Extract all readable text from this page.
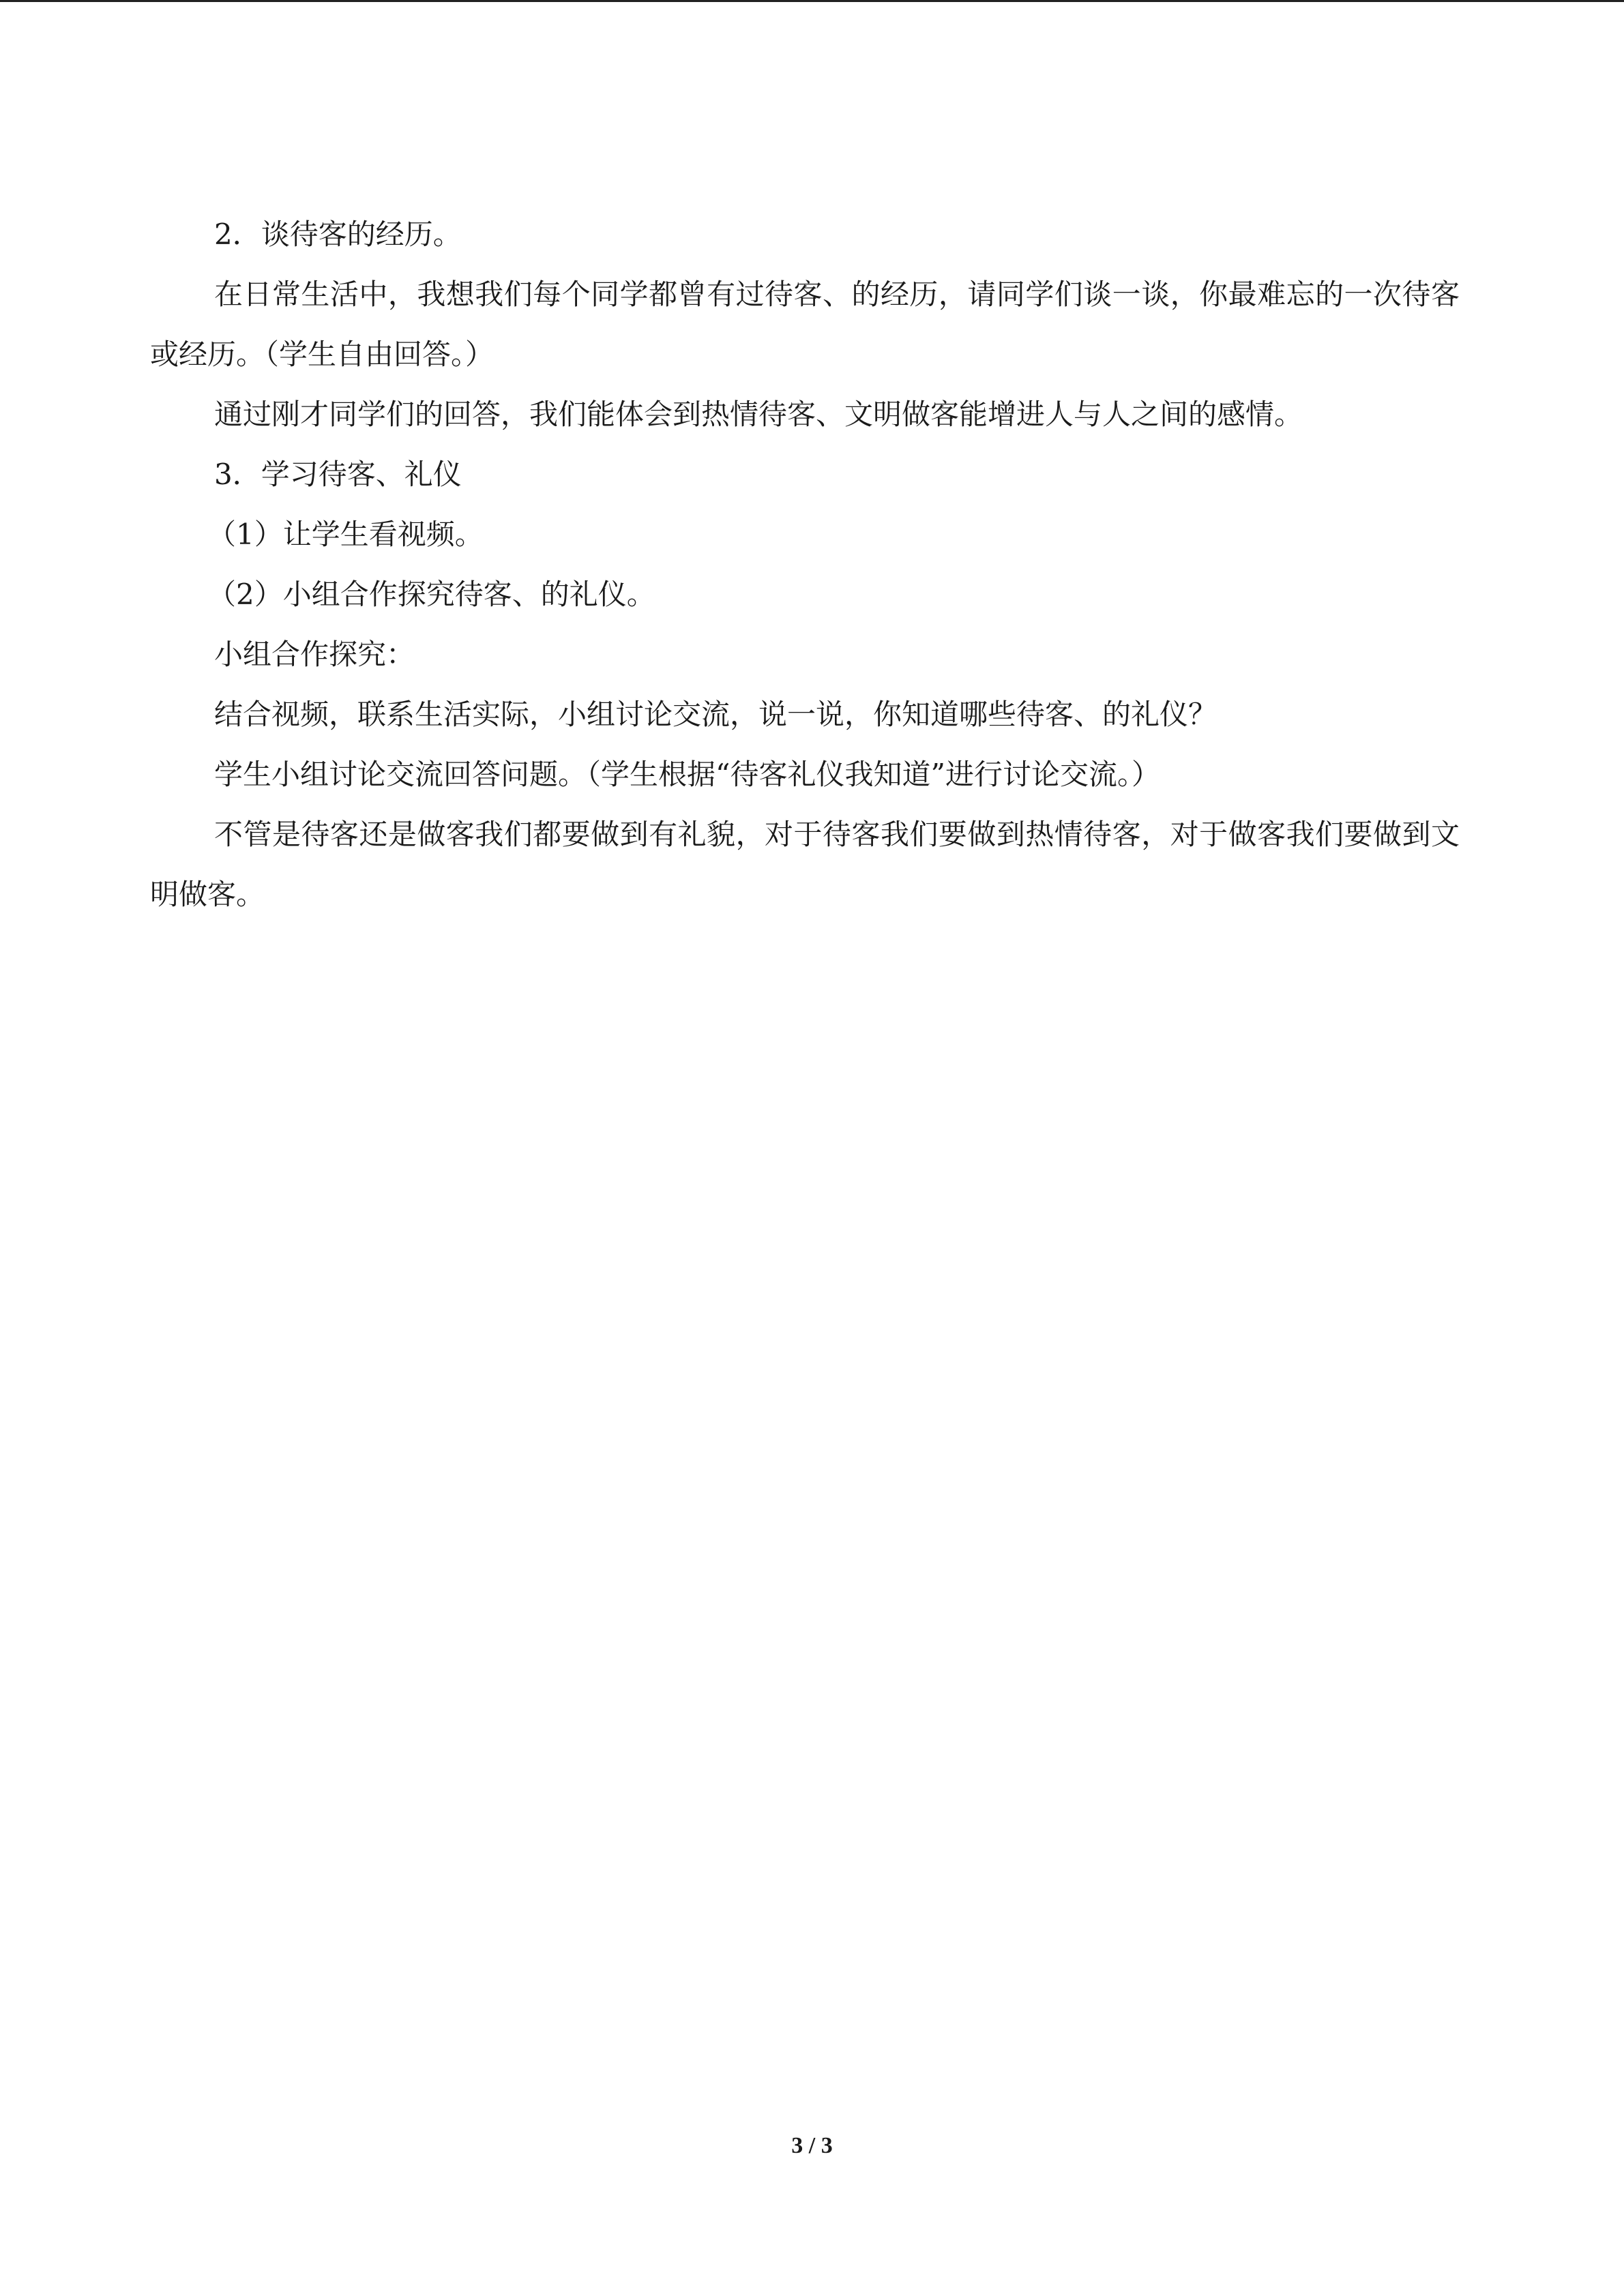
2．谈待客的经历。

在日常生活中，我想我们每个同学都曾有过待客、的经历，请同学们谈一谈，你最难忘的一次待客或经历。（学生自由回答。）

通过刚才同学们的回答，我们能体会到热情待客、文明做客能增进人与人之间的感情。

3．学习待客、礼仪

（1）让学生看视频。

（2）小组合作探究待客、的礼仪。

小组合作探究：

结合视频，联系生活实际，小组讨论交流，说一说，你知道哪些待客、的礼仪？

学生小组讨论交流回答问题。（学生根据“待客礼仪我知道”进行讨论交流。）

不管是待客还是做客我们都要做到有礼貌，对于待客我们要做到热情待客，对于做客我们要做到文明做客。

3 / 3
